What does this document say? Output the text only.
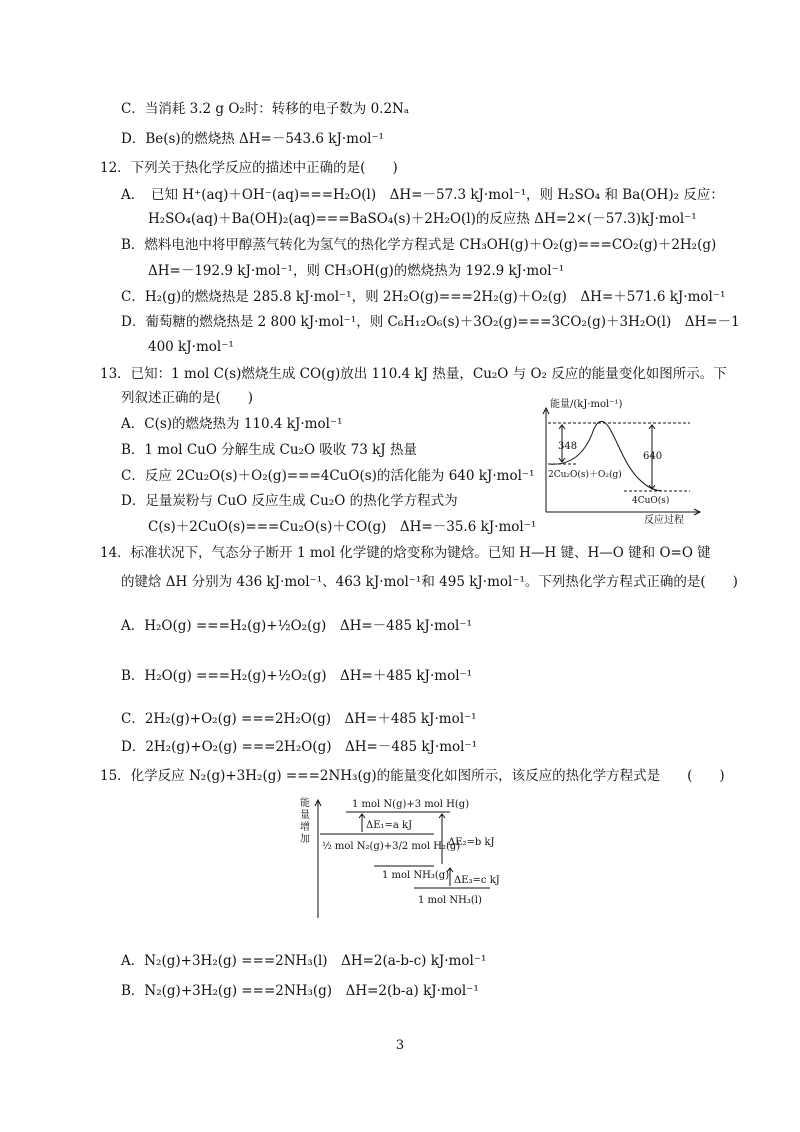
C．当消耗 3.2 g O₂时：转移的电子数为 0.2Nₐ
D．Be(s)的燃烧热 ΔH=－543.6 kJ·mol⁻¹
12．下列关于热化学反应的描述中正确的是(　　)
A．　已知 H⁺(aq)＋OH⁻(aq)===H₂O(l)　ΔH=－57.3 kJ·mol⁻¹，则 H₂SO₄ 和 Ba(OH)₂ 反应：
H₂SO₄(aq)＋Ba(OH)₂(aq)===BaSO₄(s)＋2H₂O(l)的反应热 ΔH=2×(－57.3)kJ·mol⁻¹
B．燃料电池中将甲醇蒸气转化为氢气的热化学方程式是 CH₃OH(g)＋O₂(g)===CO₂(g)＋2H₂(g)
ΔH=－192.9 kJ·mol⁻¹，则 CH₃OH(g)的燃烧热为 192.9 kJ·mol⁻¹
C．H₂(g)的燃烧热是 285.8 kJ·mol⁻¹，则 2H₂O(g)===2H₂(g)＋O₂(g)　ΔH=＋571.6 kJ·mol⁻¹
D．葡萄糖的燃烧热是 2 800 kJ·mol⁻¹，则 C₆H₁₂O₆(s)＋3O₂(g)===3CO₂(g)＋3H₂O(l)　ΔH=－1
400 kJ·mol⁻¹
13．已知：1 mol C(s)燃烧生成 CO(g)放出 110.4 kJ 热量，Cu₂O 与 O₂ 反应的能量变化如图所示。下
列叙述正确的是(　　)
A．C(s)的燃烧热为 110.4 kJ·mol⁻¹
B．1 mol CuO 分解生成 Cu₂O 吸收 73 kJ 热量
C．反应 2Cu₂O(s)＋O₂(g)===4CuO(s)的活化能为 640 kJ·mol⁻¹
D．足量炭粉与 CuO 反应生成 Cu₂O 的热化学方程式为
C(s)＋2CuO(s)===Cu₂O(s)＋CO(g)　ΔH=－35.6 kJ·mol⁻¹
能量/(kJ·mol⁻¹)
348
640
2Cu₂O(s)＋O₂(g)
4CuO(s)
反应过程
14．标准状况下，气态分子断开 1 mol 化学键的焓变称为键焓。已知 H—H 键、H—O 键和 O=O 键
的键焓 ΔH 分别为 436 kJ·mol⁻¹、463 kJ·mol⁻¹和 495 kJ·mol⁻¹。下列热化学方程式正确的是(　　)
A．H₂O(g) ===H₂(g)+½O₂(g)　ΔH=－485 kJ·mol⁻¹
B．H₂O(g) ===H₂(g)+½O₂(g)　ΔH=＋485 kJ·mol⁻¹
C．2H₂(g)+O₂(g) ===2H₂O(g)　ΔH=＋485 kJ·mol⁻¹
D．2H₂(g)+O₂(g) ===2H₂O(g)　ΔH=－485 kJ·mol⁻¹
15．化学反应 N₂(g)+3H₂(g) ===2NH₃(g)的能量变化如图所示，该反应的热化学方程式是　　(　　)
能量增加
1 mol N(g)+3 mol H(g)
ΔE₁=a kJ
ΔE₂=b kJ
½ mol N₂(g)+3/2 mol H₂(g)
1 mol NH₃(g) ΔE₃=c kJ
1 mol NH₃(l)
A．N₂(g)+3H₂(g) ===2NH₃(l)　ΔH=2(a-b-c) kJ·mol⁻¹
B．N₂(g)+3H₂(g) ===2NH₃(g)　ΔH=2(b-a) kJ·mol⁻¹
3
